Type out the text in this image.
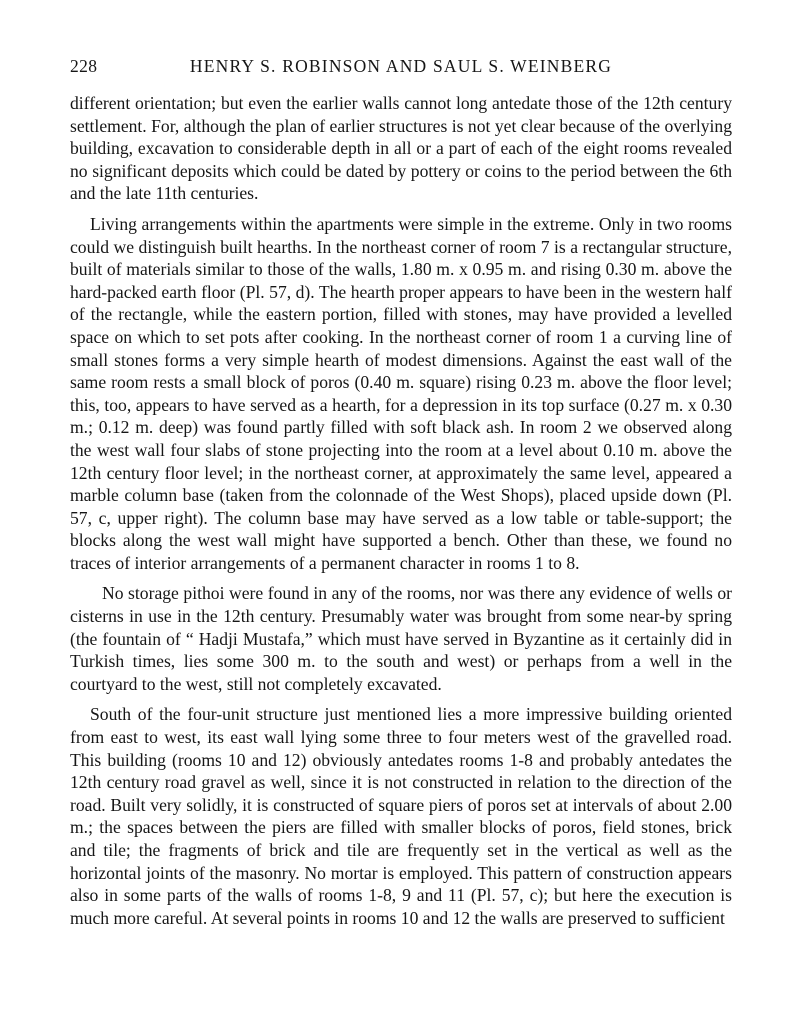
228	HENRY S. ROBINSON AND SAUL S. WEINBERG

different orientation; but even the earlier walls cannot long antedate those of the 12th century settlement. For, although the plan of earlier structures is not yet clear because of the overlying building, excavation to considerable depth in all or a part of each of the eight rooms revealed no significant deposits which could be dated by pottery or coins to the period between the 6th and the late 11th centuries.

Living arrangements within the apartments were simple in the extreme. Only in two rooms could we distinguish built hearths. In the northeast corner of room 7 is a rectangular structure, built of materials similar to those of the walls, 1.80 m. x 0.95 m. and rising 0.30 m. above the hard-packed earth floor (Pl. 57, d). The hearth proper appears to have been in the western half of the rectangle, while the eastern portion, filled with stones, may have provided a levelled space on which to set pots after cooking. In the northeast corner of room 1 a curving line of small stones forms a very simple hearth of modest dimensions. Against the east wall of the same room rests a small block of poros (0.40 m. square) rising 0.23 m. above the floor level; this, too, appears to have served as a hearth, for a depression in its top surface (0.27 m. x 0.30 m.; 0.12 m. deep) was found partly filled with soft black ash. In room 2 we observed along the west wall four slabs of stone projecting into the room at a level about 0.10 m. above the 12th century floor level; in the northeast corner, at approximately the same level, appeared a marble column base (taken from the colonnade of the West Shops), placed upside down (Pl. 57, c, upper right). The column base may have served as a low table or table-support; the blocks along the west wall might have supported a bench. Other than these, we found no traces of interior arrangements of a permanent character in rooms 1 to 8.

No storage pithoi were found in any of the rooms, nor was there any evidence of wells or cisterns in use in the 12th century. Presumably water was brought from some near-by spring (the fountain of “ Hadji Mustafa,” which must have served in Byzantine as it certainly did in Turkish times, lies some 300 m. to the south and west) or perhaps from a well in the courtyard to the west, still not completely excavated.

South of the four-unit structure just mentioned lies a more impressive building oriented from east to west, its east wall lying some three to four meters west of the gravelled road. This building (rooms 10 and 12) obviously antedates rooms 1-8 and probably antedates the 12th century road gravel as well, since it is not constructed in relation to the direction of the road. Built very solidly, it is constructed of square piers of poros set at intervals of about 2.00 m.; the spaces between the piers are filled with smaller blocks of poros, field stones, brick and tile; the fragments of brick and tile are frequently set in the vertical as well as the horizontal joints of the masonry. No mortar is employed. This pattern of construction appears also in some parts of the walls of rooms 1-8, 9 and 11 (Pl. 57, c); but here the execution is much more careful. At several points in rooms 10 and 12 the walls are preserved to sufficient
